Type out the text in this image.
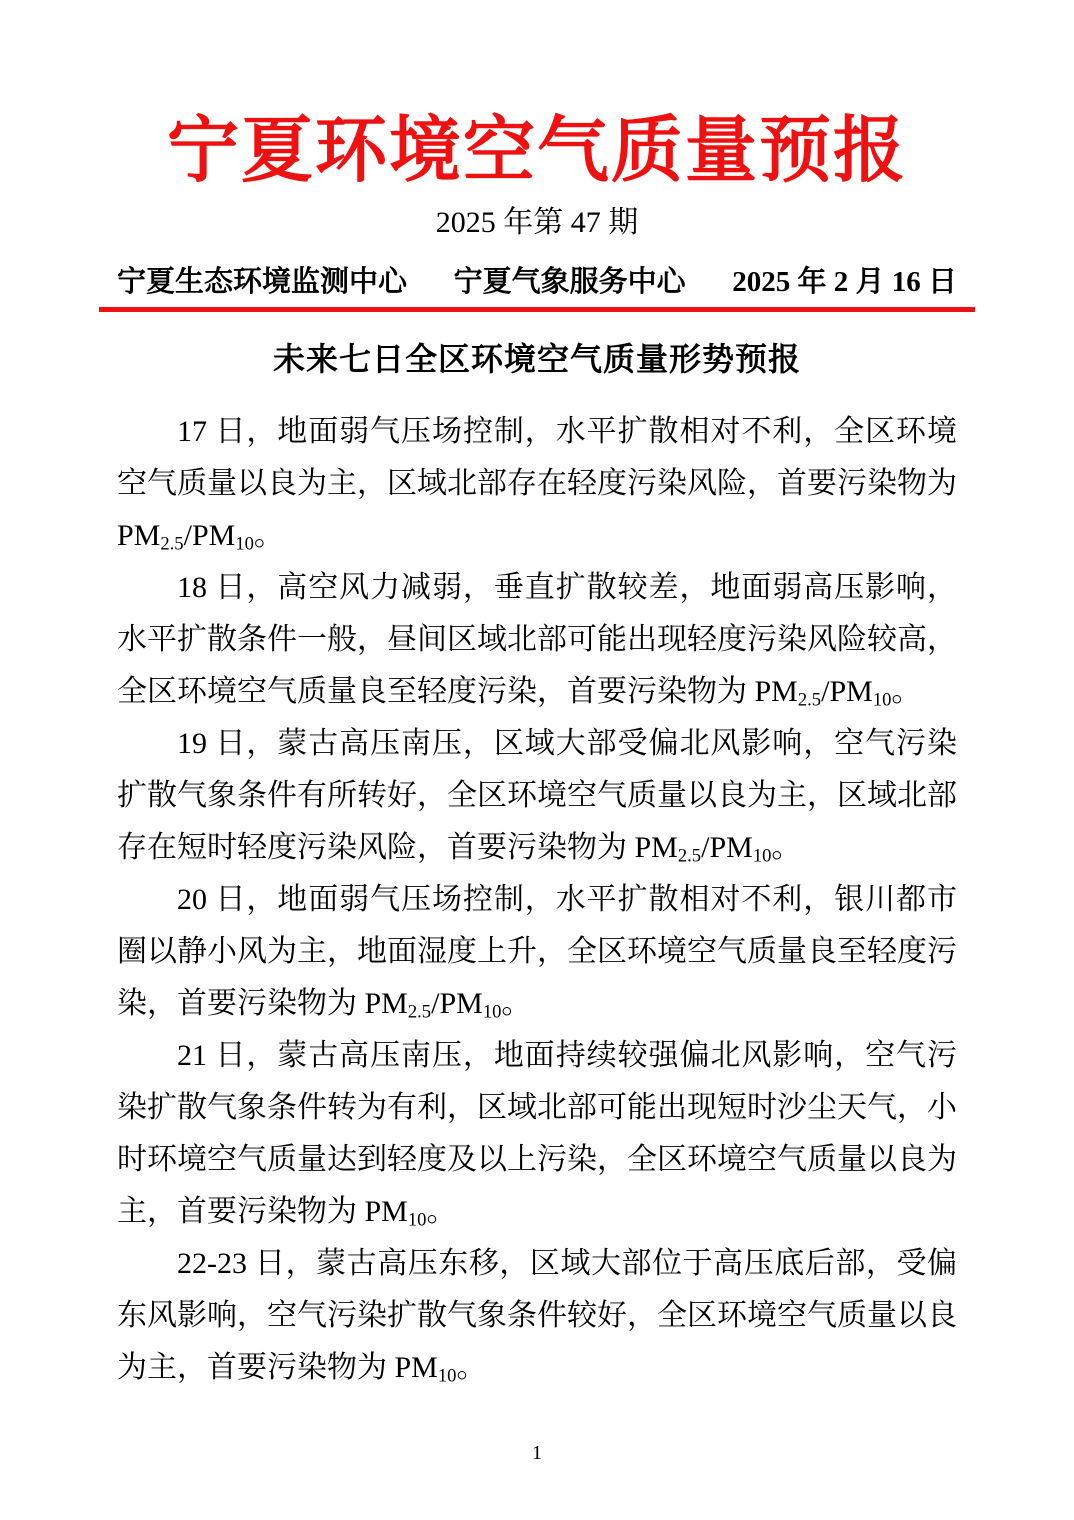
宁夏环境空气质量预报
2025 年第 47 期
宁夏生态环境监测中心 宁夏气象服务中心 2025 年 2 月 16 日
未来七日全区环境空气质量形势预报

17 日，地面弱气压场控制，水平扩散相对不利，全区环境空气质量以良为主，区域北部存在轻度污染风险，首要污染物为 $PM_{2.5}/PM_{10}$。

18 日，高空风力减弱，垂直扩散较差，地面弱高压影响，水平扩散条件一般，昼间区域北部可能出现轻度污染风险较高，全区环境空气质量良至轻度污染，首要污染物为 $PM_{2.5}/PM_{10}$。

19 日，蒙古高压南压，区域大部受偏北风影响，空气污染扩散气象条件有所转好，全区环境空气质量以良为主，区域北部存在短时轻度污染风险，首要污染物为 $PM_{2.5}/PM_{10}$。

20 日，地面弱气压场控制，水平扩散相对不利，银川都市圈以静小风为主，地面湿度上升，全区环境空气质量良至轻度污染，首要污染物为 $PM_{2.5}/PM_{10}$。

21 日，蒙古高压南压，地面持续较强偏北风影响，空气污染扩散气象条件转为有利，区域北部可能出现短时沙尘天气，小时环境空气质量达到轻度及以上污染，全区环境空气质量以良为主，首要污染物为 $PM_{10}$。

22-23 日，蒙古高压东移，区域大部位于高压底后部，受偏东风影响，空气污染扩散气象条件较好，全区环境空气质量以良为主，首要污染物为 $PM_{10}$。

1
